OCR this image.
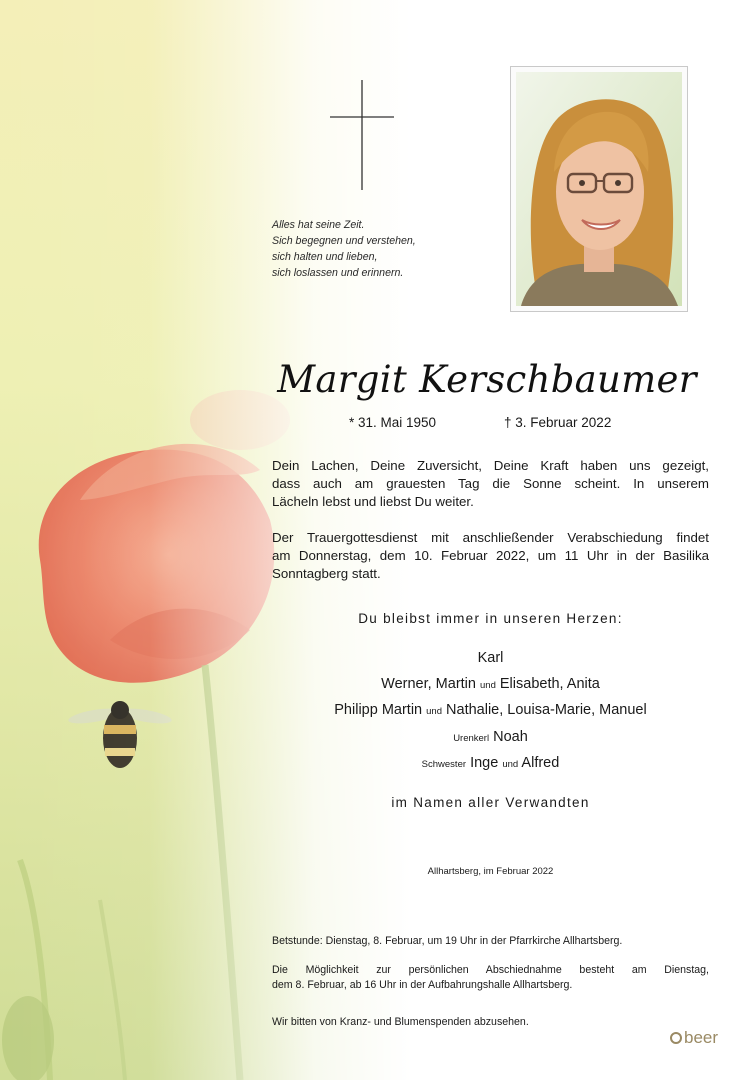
Alles hat seine Zeit.
Sich begegnen und verstehen,
sich halten und lieben,
sich loslassen und erinnern.
Margit Kerschbaumer
* 31. Mai 1950	† 3. Februar 2022
Dein Lachen, Deine Zuversicht, Deine Kraft haben uns gezeigt,
dass auch am grauesten Tag die Sonne scheint. In unserem
Lächeln lebst und liebst Du weiter.
Der Trauergottesdienst mit anschließender Verabschiedung findet
am Donnerstag, dem 10. Februar 2022, um 11 Uhr in der Basilika
Sonntagberg statt.
Du bleibst immer in unseren Herzen:
Karl
Werner, Martin und Elisabeth, Anita
Philipp Martin und Nathalie, Louisa-Marie, Manuel
Urenkerl Noah
Schwester Inge und Alfred
im Namen aller Verwandten
Allhartsberg, im Februar 2022
Betstunde: Dienstag, 8. Februar, um 19 Uhr in der Pfarrkirche Allhartsberg.
Die Möglichkeit zur persönlichen Abschiednahme besteht am Dienstag,
dem 8. Februar, ab 16 Uhr in der Aufbahrungshalle Allhartsberg.
Wir bitten von Kranz- und Blumenspenden abzusehen.
beer
